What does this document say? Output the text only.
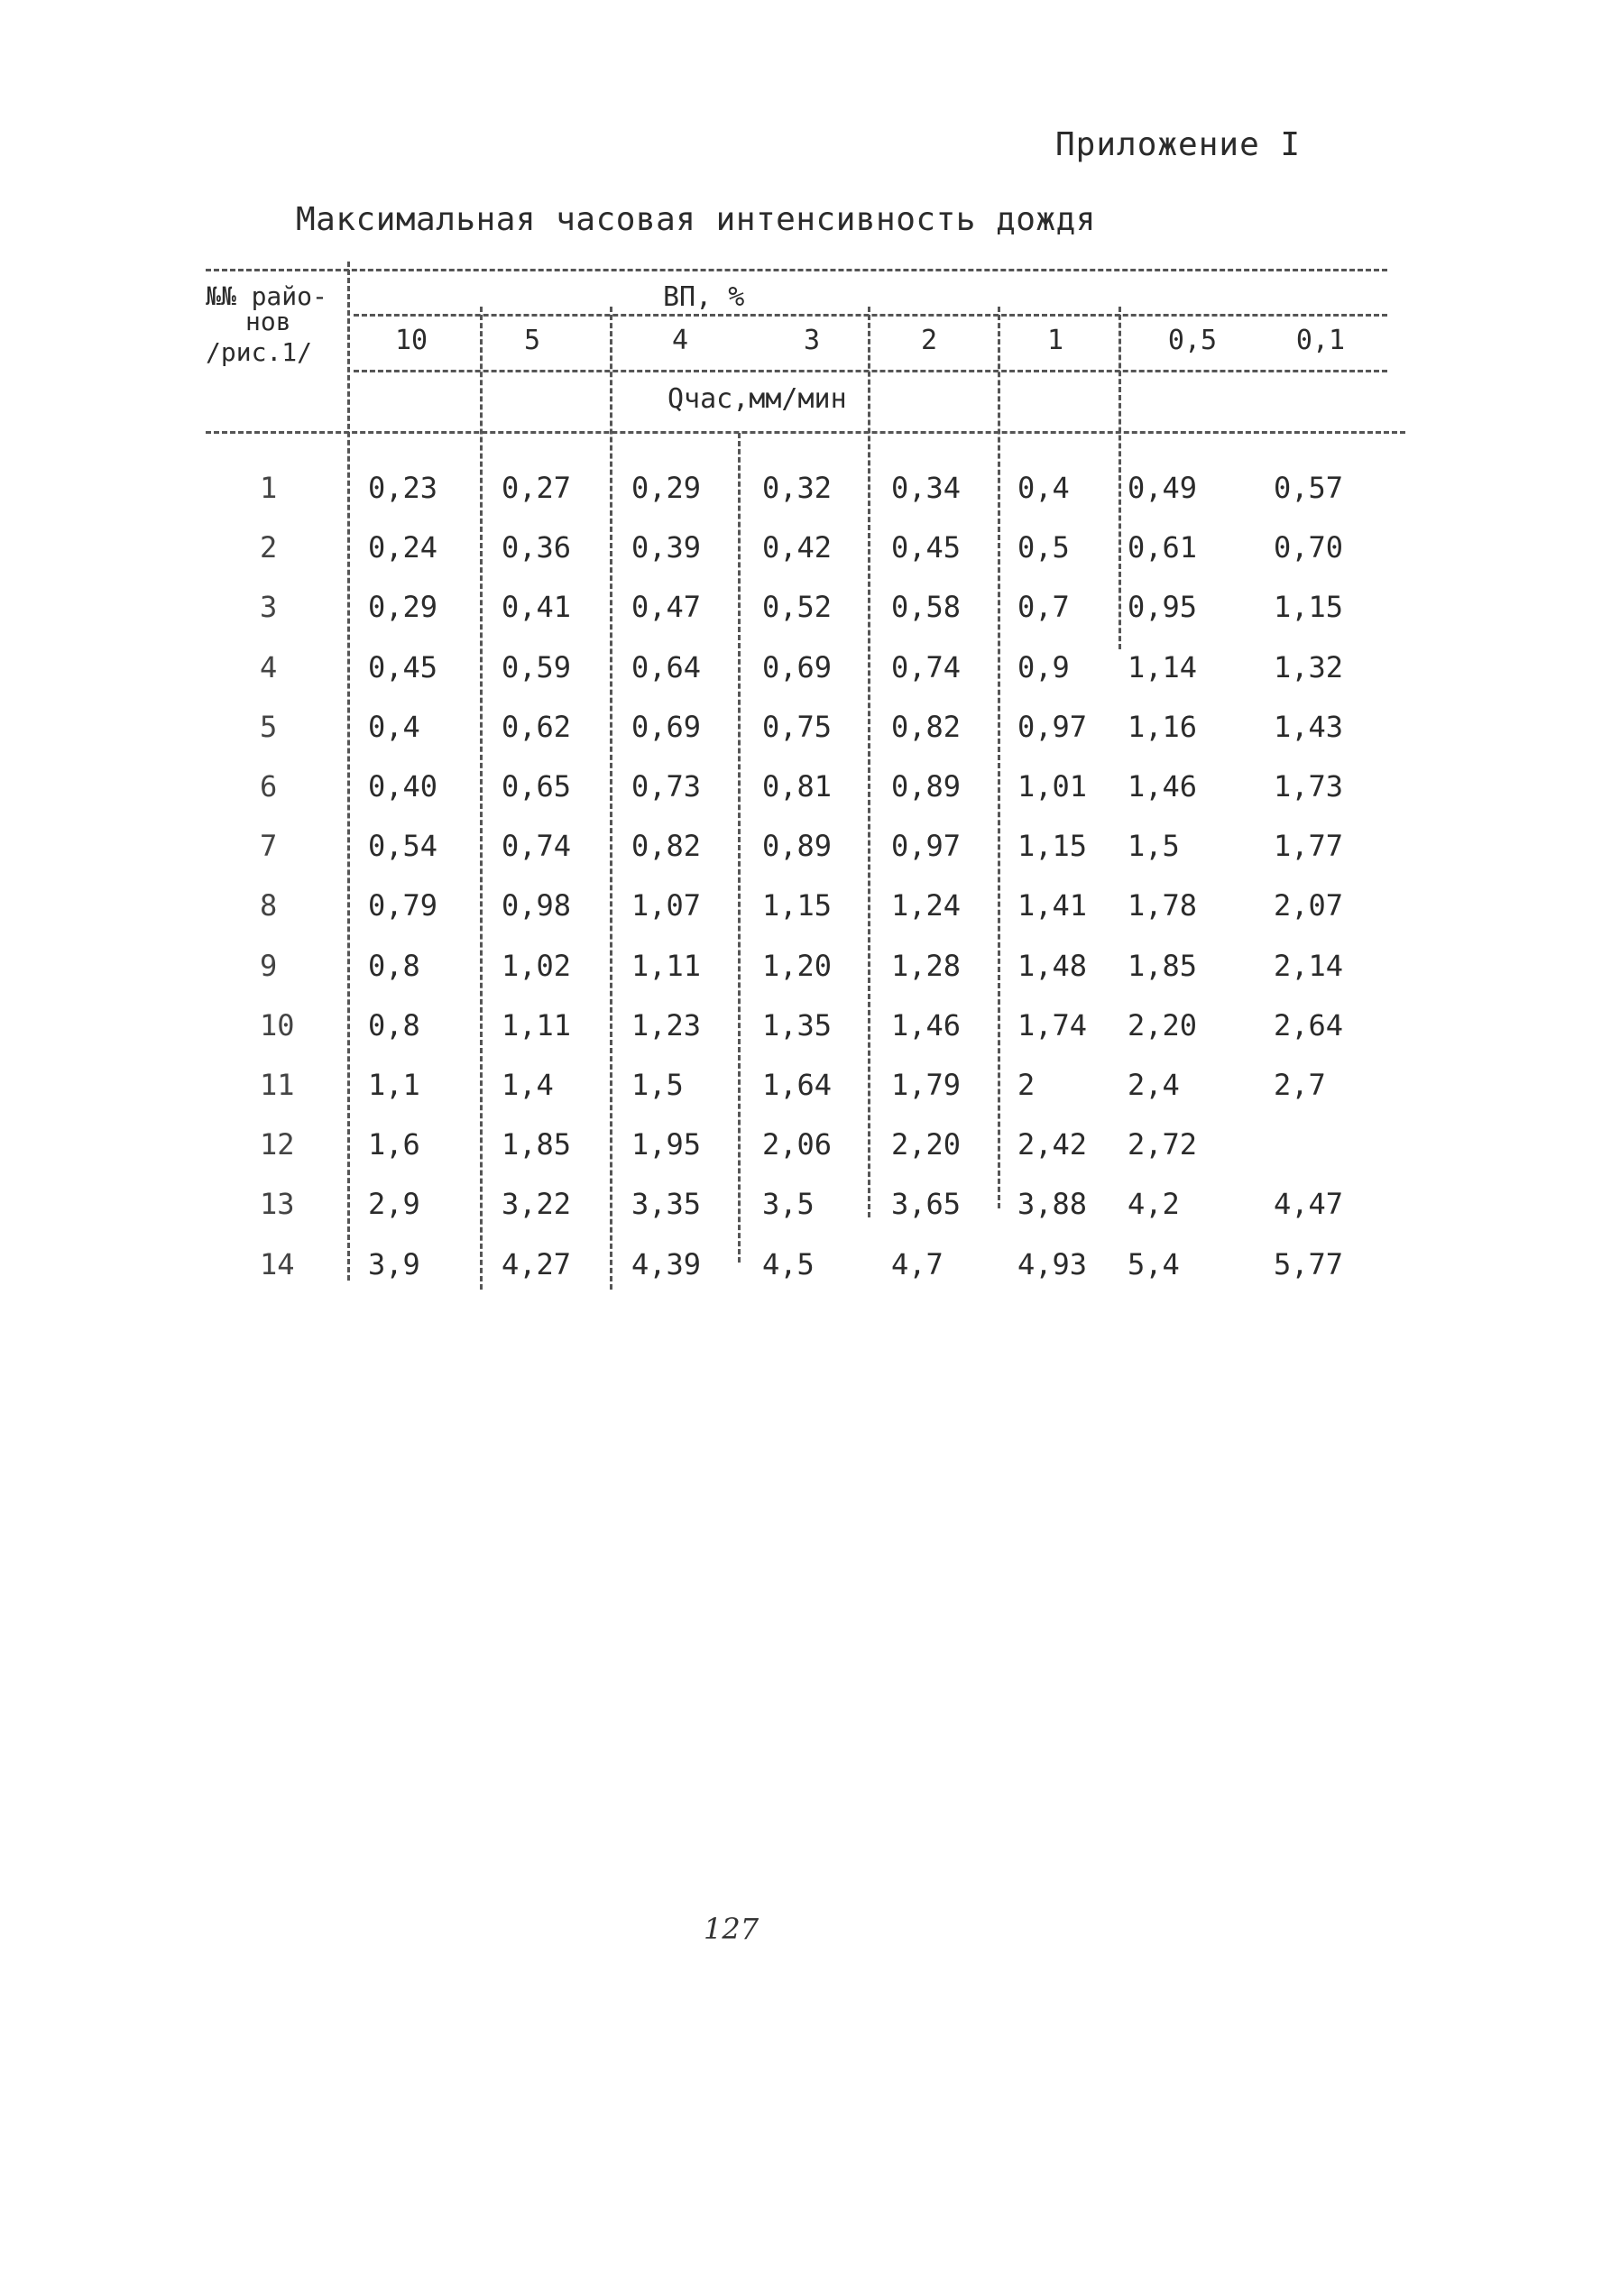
Приложение I
Максимальная часовая интенсивность дождя
№№ райо-
нов
/рис.1/
ВП, %
10	5	4	3	2	1	0,5	0,1
Qчас,мм/мин
1	0,23 0,27 0,29 0,32 0,34 0,4 0,49	0,57
2	0,24 0,36 0,39 0,42 0,45 0,5 0,61	0,70
3	0,29 0,41 0,47 0,52 0,58 0,7 0,95	1,15
4	0,45 0,59 0,64 0,69 0,74 0,9 1,14	1,32
5	0,4	0,62 0,69 0,75 0,82 0,97 1,16	1,43
6	0,40 0,65 0,73 0,81 0,89 1,01 1,46	1,73
7	0,54 0,74 0,82 0,89 0,97 1,15 1,5	1,77
8	0,79 0,98 1,07 1,15 1,24 1,41 1,78	2,07
9	0,8	1,02 1,11 1,20 1,28 1,48 1,85	2,14
10	0,8	1,11 1,23 1,35 1,46 1,74 2,20	2,64
11	1,1	1,4	1,5	1,64 1,79 2	2,4	2,7
12	1,6	1,85 1,95 2,06 2,20 2,42 2,72
13	2,9	3,22 3,35 3,5	3,65 3,88 4,2	4,47
14	3,9	4,27 4,39 4,5	4,7	4,93 5,4	5,77
127
